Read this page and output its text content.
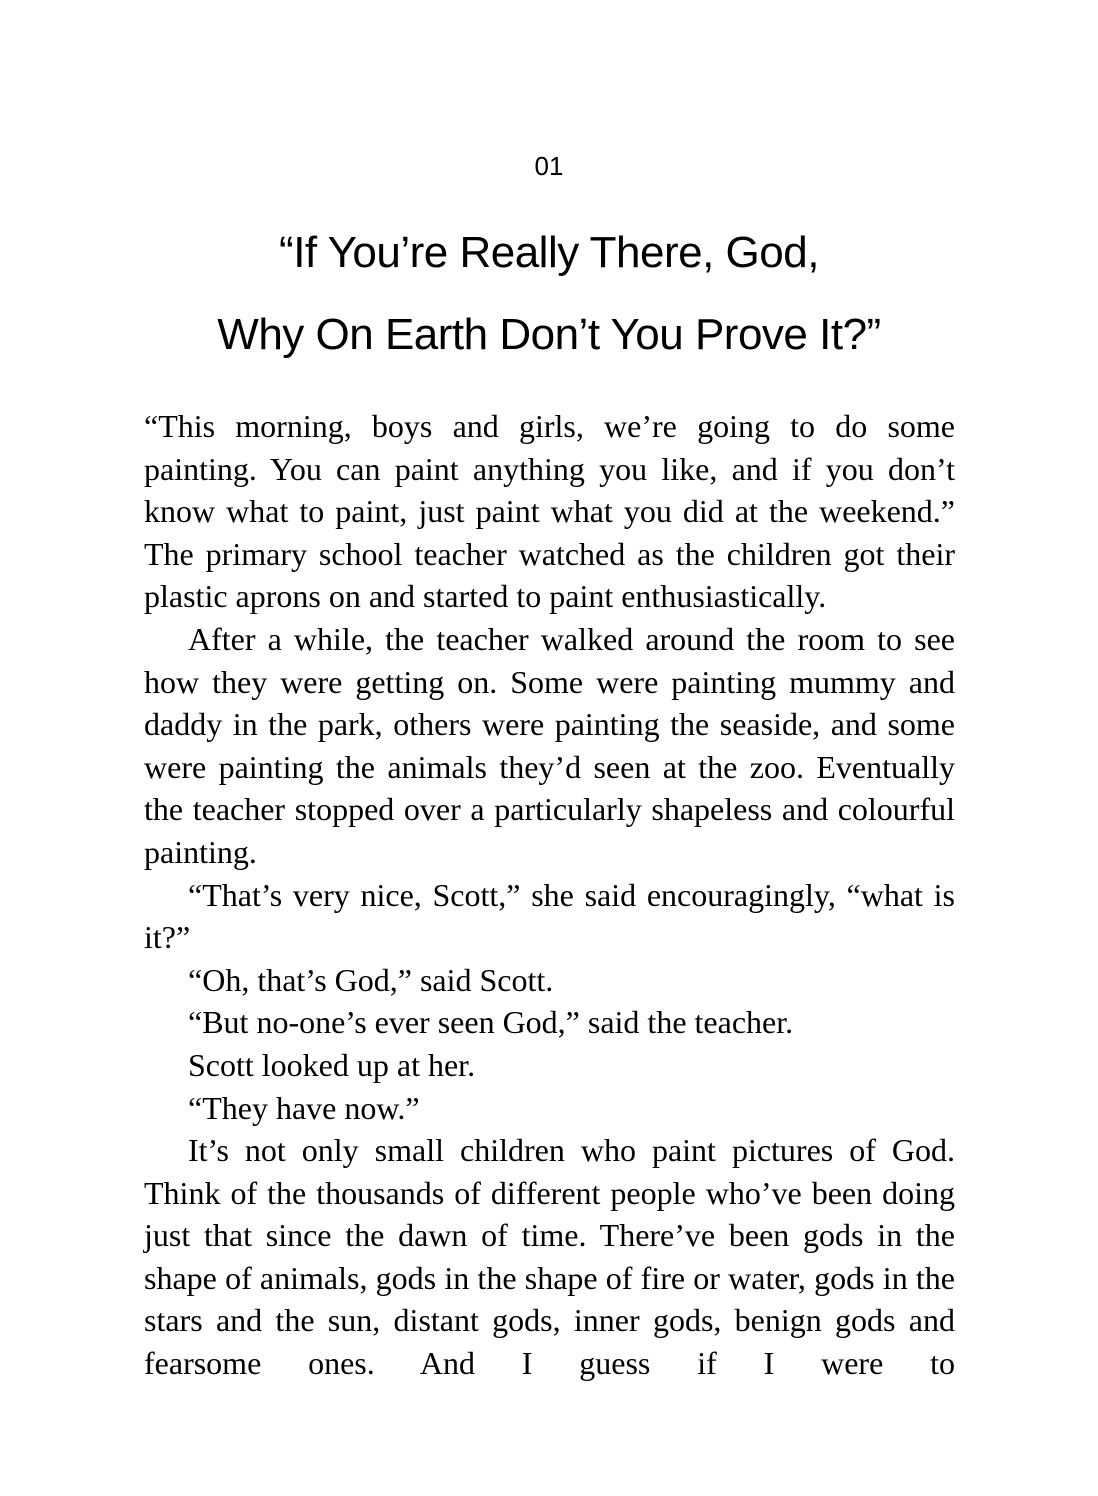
01
“If You’re Really There, God,
Why On Earth Don’t You Prove It?”

“This morning, boys and girls, we’re going to do some painting. You can paint anything you like, and if you don’t know what to paint, just paint what you did at the weekend.” The primary school teacher watched as the children got their plastic aprons on and started to paint enthusiastically.

After a while, the teacher walked around the room to see how they were getting on. Some were painting mummy and daddy in the park, others were painting the seaside, and some were painting the animals they’d seen at the zoo. Eventually the teacher stopped over a particularly shapeless and colourful painting.

“That’s very nice, Scott,” she said encouragingly, “what is it?”

“Oh, that’s God,” said Scott.

“But no-one’s ever seen God,” said the teacher.

Scott looked up at her.

“They have now.”

It’s not only small children who paint pictures of God. Think of the thousands of different people who’ve been doing just that since the dawn of time. There’ve been gods in the shape of animals, gods in the shape of fire or water, gods in the stars and the sun, distant gods, inner gods, benign gods and fearsome ones. And I guess if I were to
